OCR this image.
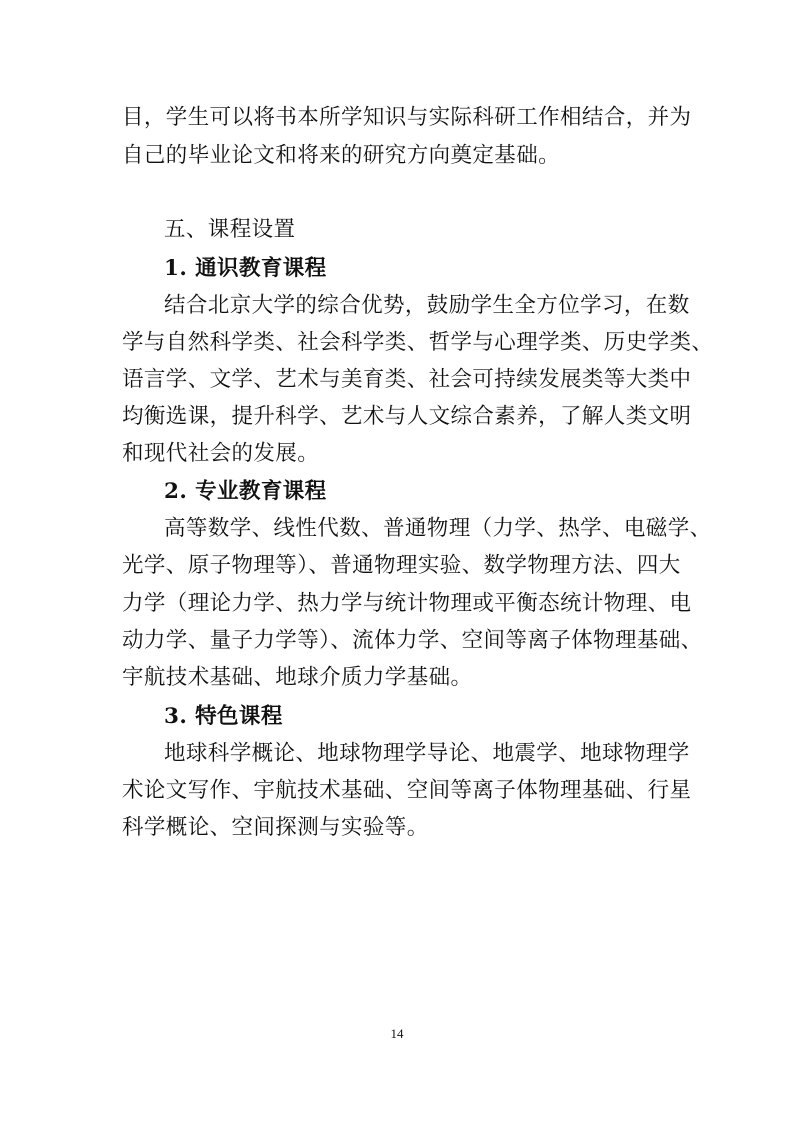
目，学生可以将书本所学知识与实际科研工作相结合，并为
自己的毕业论文和将来的研究方向奠定基础。
五、课程设置
1. 通识教育课程
结合北京大学的综合优势，鼓励学生全方位学习，在数
学与自然科学类、社会科学类、哲学与心理学类、历史学类、
语言学、文学、艺术与美育类、社会可持续发展类等大类中
均衡选课，提升科学、艺术与人文综合素养，了解人类文明
和现代社会的发展。
2. 专业教育课程
高等数学、线性代数、普通物理（力学、热学、电磁学、
光学、原子物理等）、普通物理实验、数学物理方法、四大
力学（理论力学、热力学与统计物理或平衡态统计物理、电
动力学、量子力学等）、流体力学、空间等离子体物理基础、
宇航技术基础、地球介质力学基础。
3. 特色课程
地球科学概论、地球物理学导论、地震学、地球物理学
术论文写作、宇航技术基础、空间等离子体物理基础、行星
科学概论、空间探测与实验等。
14
